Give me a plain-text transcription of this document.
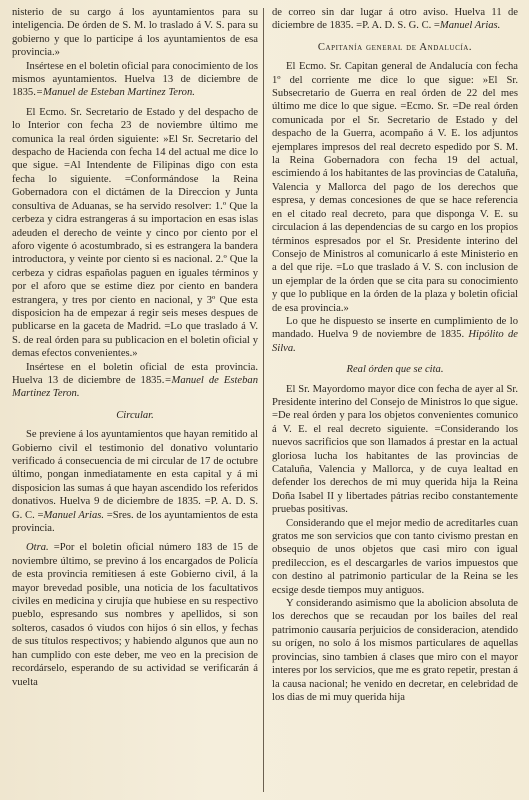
nisterio de su cargo á los ayuntamientos para su inteligencia. De órden de S. M. lo traslado á V. S. para su gobierno y que lo participe á los ayuntamientos de esa provincia.»

Insértese en el boletin oficial para conocimiento de los mismos ayuntamientos. Huelva 13 de diciembre de 1835.=Manuel de Esteban Martinez Teron.

El Ecmo. Sr. Secretario de Estado y del despacho de lo Interior con fecha 23 de noviembre último me comunica la real órden siguiente: »El Sr. Secretario del despacho de Hacienda con fecha 14 del actual me dice lo que sigue. =Al Intendente de Filipinas digo con esta fecha lo siguiente. =Conformándose la Reina Gobernadora con el dictámen de la Direccion y Junta consultiva de Aduanas, se ha servido resolver: 1.º Que la cerbeza y cidra estrangeras á su importacion en esas islas adeuden el derecho de veinte y cinco por ciento por el aforo vigente ó acostumbrado, si es estrangera la bandera introductora, y veinte por ciento si es nacional. 2.º Que la cerbeza y cidras españolas paguen en iguales términos y por el aforo que se estime diez por ciento en bandera estrangera, y tres por ciento en nacional, y 3º Que esta disposicion ha de empezar á regir seis meses despues de publicarse en la gaceta de Madrid. =Lo que traslado á V. S. de real órden para su publicacion en el boletin oficial y demas efectos convenientes.»

Insértese en el boletin oficial de esta provincia. Huelva 13 de diciembre de 1835.=Manuel de Esteban Martinez Teron.

Circular.

Se previene á los ayuntamientos que hayan remitido al Gobierno civil el testimonio del donativo voluntario verificado á consecuencia de mi circular de 17 de octubre último, pongan inmediatamente en esta capital y á mi disposicion las sumas á que hayan ascendido los referidos donativos. Huelva 9 de diciembre de 1835. =P. A. D. S. G. C. =Manuel Arias. =Sres. de los ayuntamientos de esta provincia.

Otra. =Por el boletin oficial número 183 de 15 de noviembre último, se previno á los encargados de Policía de esta provincia remitiesen á este Gobierno civil, á la mayor brevedad posible, una noticia de los facultativos civiles en medicina y cirujía que hubiese en su respectivo pueblo, espresando sus nombres y apellidos, si son solteros, casados ó viudos con hijos ó sin ellos, y fechas de sus títulos respectivos; y habiendo algunos que aun no han cumplido con este deber, me veo en la precision de recordárselo, esperando de su actividad se verificarán á vuelta

de correo sin dar lugar á otro aviso. Huelva 11 de diciembre de 1835. =P. A. D. S. G. C. =Manuel Arias.

Capitanía general de Andalucía.

El Ecmo. Sr. Capitan general de Andalucía con fecha 1º del corriente me dice lo que sigue: »El Sr. Subsecretario de Guerra en real órden de 22 del mes último me dice lo que sigue. =Ecmo. Sr. =De real órden comunicada por el Sr. Secretario de Estado y del despacho de la Guerra, acompaño á V. E. los adjuntos ejemplares impresos del real decreto espedido por S. M. la Reina Gobernadora con fecha 19 del actual, escimiendo á los habitantes de las provincias de Cataluña, Valencia y Mallorca del pago de los derechos que espresa, y demas concesiones de que se hace referencia en el citado real decreto, para que disponga V. E. su circulacion á las dependencias de su cargo en los propios términos espresados por el Sr. Presidente interino del Consejo de Ministros al comunicarlo á este Ministerio en a del que rije. =Lo que traslado á V. S. con inclusion de un ejemplar de la órden que se cita para su conocimiento y que lo publique en la órden de la plaza y boletin oficial de esa provincia.»

Lo que he dispuesto se inserte en cumplimiento de lo mandado. Huelva 9 de noviembre de 1835. Hipólito de Silva.

Real órden que se cita.

El Sr. Mayordomo mayor dice con fecha de ayer al Sr. Presidente interino del Consejo de Ministros lo que sigue. =De real órden y para los objetos convenientes comunico á V. E. el real decreto siguiente. =Considerando los nuevos sacrificios que son llamados á prestar en la actual gloriosa lucha los habitantes de las provincias de Cataluña, Valencia y Mallorca, y de cuya lealtad en defender los derechos de mi muy querida hija la Reina Doña Isabel II y libertades pátrias recibo constantemente pruebas positivas.

Considerando que el mejor medio de acreditarles cuan gratos me son servicios que con tanto civismo prestan en obsequio de unos objetos que casi miro con igual predileccion, es el descargarles de varios impuestos que con destino al patrimonio particular de la Reina se les ecsige desde tiempos muy antiguos.

Y considerando asimismo que la abolicion absoluta de los derechos que se recaudan por los bailes del real patrimonio causaría perjuicios de consideracion, atendido su orígen, no solo á los mismos particulares de aquellas provincias, sino tambien á clases que miro con el mayor interes por los servicios, que me es grato repetir, prestan á la causa nacional; he venido en decretar, en celebridad de los dias de mi muy querida hija
